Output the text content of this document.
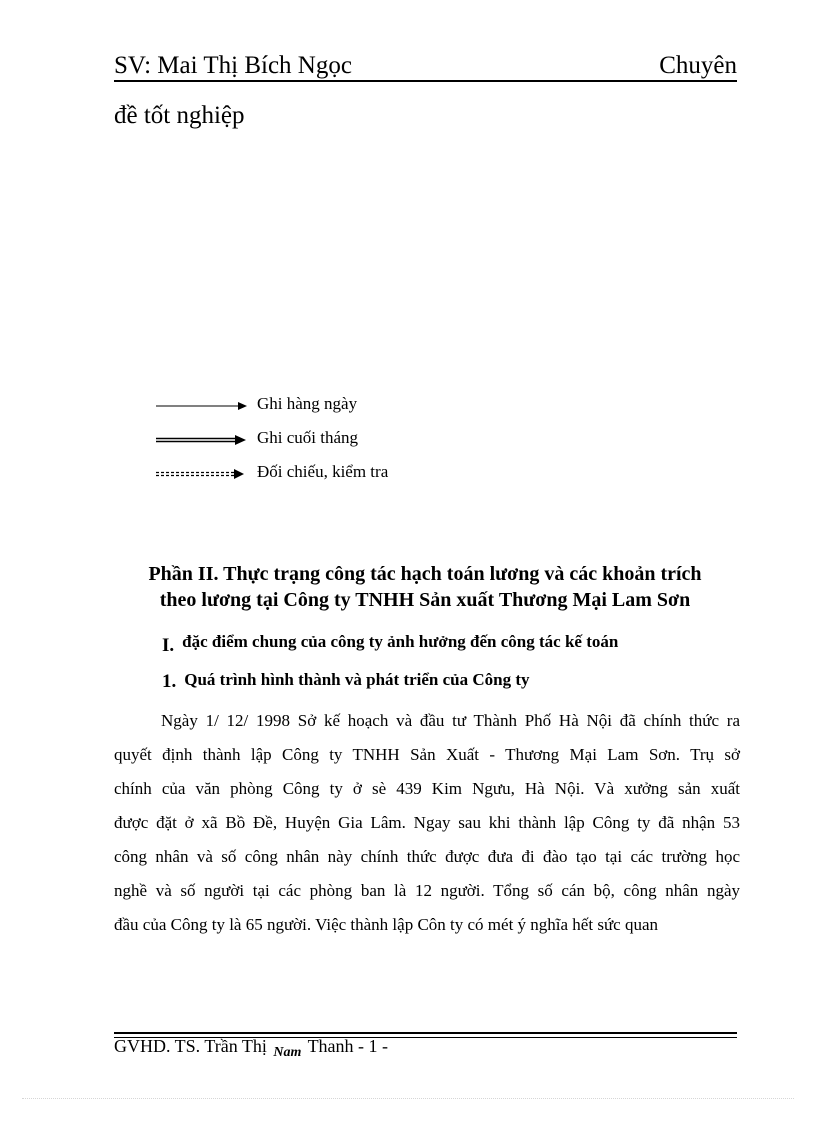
SV: Mai Thị Bích Ngọc	Chuyên
đề tốt nghiệp
Ghi hàng ngày
Ghi cuối tháng
Đối chiếu, kiểm tra
Phần II. Thực trạng công tác hạch toán lương và các khoản trích
theo lương tại Công ty TNHH Sản xuất Thương Mại Lam Sơn
I. đặc điểm chung của công ty ảnh hưởng đến công tác kế toán
1. Quá trình hình thành và phát triển của Công ty
Ngày 1/ 12/ 1998 Sở kế hoạch và đầu tư Thành Phố Hà Nội đã chính thức ra
quyết định thành lập Công ty TNHH Sản Xuất - Thương Mại Lam Sơn. Trụ sở
chính của văn phòng Công ty ở sè 439 Kim Ngưu, Hà Nội. Và xưởng sản xuất
được đặt ở xã Bồ Đề, Huyện Gia Lâm. Ngay sau khi thành lập Công ty đã nhận 53
công nhân và số công nhân này chính thức được đưa đi đào tạo tại các trường học
nghề và số người tại các phòng ban là 12 người. Tổng số cán bộ, công nhân ngày
đầu của Công ty là 65 người. Việc thành lập Côn ty có mét ý nghĩa hết sức quan
GVHD. TS. Trần Thị $_{Nam}$ Thanh - 1 -
